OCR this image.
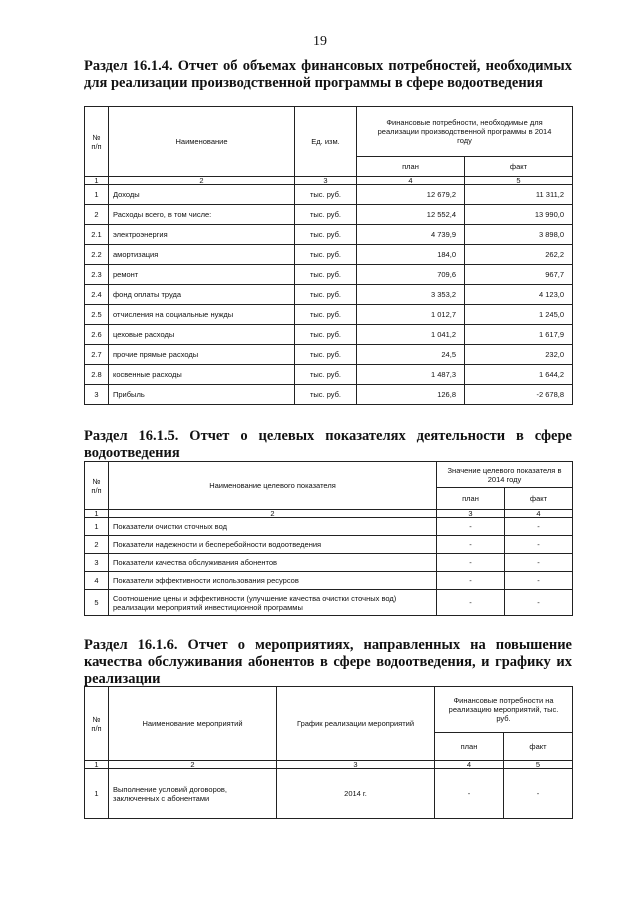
19
Раздел 16.1.4. Отчет об объемах финансовых потребностей, необходимых для реализации производственной программы в сфере водоотведения
№ п/п	Наименование	Ед. изм.	Финансовые потребности, необходимые для реализации производственной программы в 2014 году	
			план	факт
1	2	3	4	5
1	Доходы	тыс. руб.	12 679,2	11 311,2
2	Расходы всего, в том числе:	тыс. руб.	12 552,4	13 990,0
2.1	электроэнергия	тыс. руб.	4 739,9	3 898,0
2.2	амортизация	тыс. руб.	184,0	262,2
2.3	ремонт	тыс. руб.	709,6	967,7
2.4	фонд оплаты труда	тыс. руб.	3 353,2	4 123,0
2.5	отчисления на социальные нужды	тыс. руб.	1 012,7	1 245,0
2.6	цеховые расходы	тыс. руб.	1 041,2	1 617,9
2.7	прочие прямые расходы	тыс. руб.	24,5	232,0
2.8	косвенные расходы	тыс. руб.	1 487,3	1 644,2
3	Прибыль	тыс. руб.	126,8	-2 678,8
Раздел 16.1.5. Отчет о целевых показателях деятельности в сфере водоотведения
№ п/п	Наименование целевого показателя	Значение целевого показателя в 2014 году	
		план	факт
1	2	3	4
1	Показатели очистки сточных вод	-	-
2	Показатели надежности и бесперебойности водоотведения	-	-
3	Показатели качества обслуживания абонентов	-	-
4	Показатели эффективности использования ресурсов	-	-
5	Соотношение цены и эффективности (улучшение качества очистки сточных вод) реализации мероприятий инвестиционной программы	-	-
Раздел 16.1.6. Отчет о мероприятиях, направленных на повышение качества обслуживания абонентов в сфере водоотведения, и графику их реализации
№ п/п	Наименование мероприятий	График реализации мероприятий	Финансовые потребности на реализацию мероприятий, тыс. руб.	
			план	факт
1	2	3	4	5
1	Выполнение условий договоров, заключенных с абонентами	2014 г.	-	-
